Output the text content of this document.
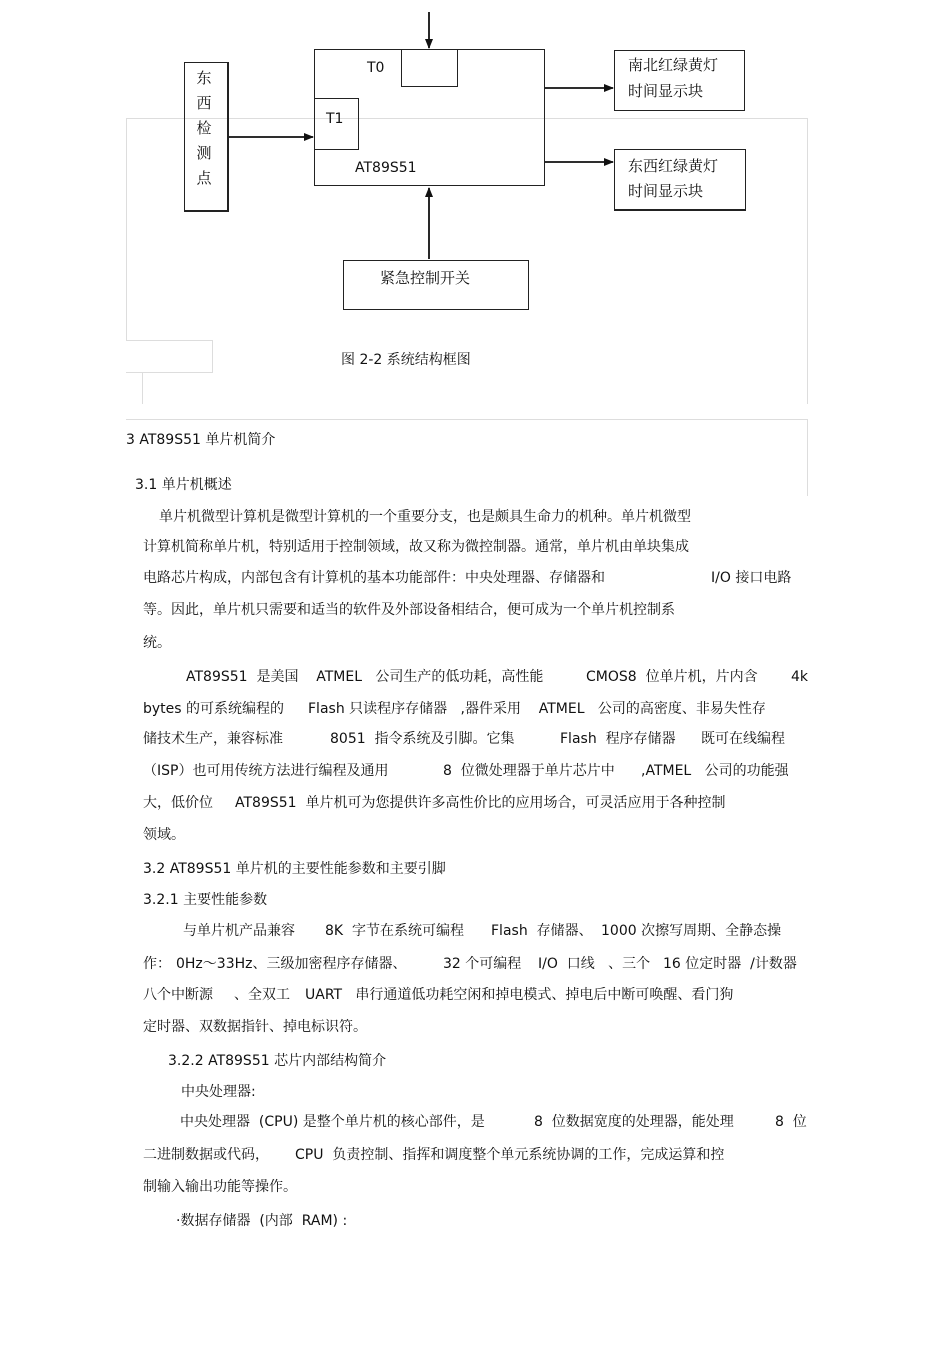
T0
T1
AT89S51
东
西
检
测
点
南北红绿黄灯
时间显示块
东西红绿黄灯
时间显示块
紧急控制开关
图 2-2 系统结构框图
3 AT89S51 单片机简介
3.1 单片机概述
单片机微型计算机是微型计算机的一个重要分支，也是颇具生命力的机种。单片机微型
计算机简称单片机，特别适用于控制领域，故又称为微控制器。通常，单片机由单块集成
电路芯片构成，内部包含有计算机的基本功能部件：中央处理器、存储器和	I/O 接口电路
等。因此，单片机只需要和适当的软件及外部设备相结合，便可成为一个单片机控制系
统。
AT89S51  是美国    ATMEL   公司生产的低功耗，高性能	CMOS8  位单片机，片内含 4k
bytes 的可系统编程的 Flash 只读程序存储器   ,器件采用    ATMEL   公司的高密度、非易失性存
储技术生产，兼容标准	8051  指令系统及引脚。它集	Flash  程序存储器 既可在线编程
（ISP）也可用传统方法进行编程及通用	8  位微处理器于单片芯片中 ,ATMEL   公司的功能强
大，低价位 AT89S51  单片机可为您提供许多高性价比的应用场合，可灵活应用于各种控制
领域。
3.2 AT89S51 单片机的主要性能参数和主要引脚
3.2.1 主要性能参数
与单片机产品兼容 8K  字节在系统可编程 Flash  存储器、 1000 次擦写周期、全静态操
作： 0Hz～33Hz、三级加密程序存储器、	32 个可编程 I/O  口线   、三个 16 位定时器  /计数器
八个中断源 、全双工 UART   串行通道低功耗空闲和掉电模式、掉电后中断可唤醒、看门狗
定时器、双数据指针、掉电标识符。
3.2.2 AT89S51 芯片内部结构简介
中央处理器:
中央处理器  (CPU) 是整个单片机的核心部件，是	8  位数据宽度的处理器，能处理	8  位
二进制数据或代码， CPU  负责控制、指挥和调度整个单元系统协调的工作，完成运算和控
制输入输出功能等操作。
·数据存储器  (内部  RAM) :
